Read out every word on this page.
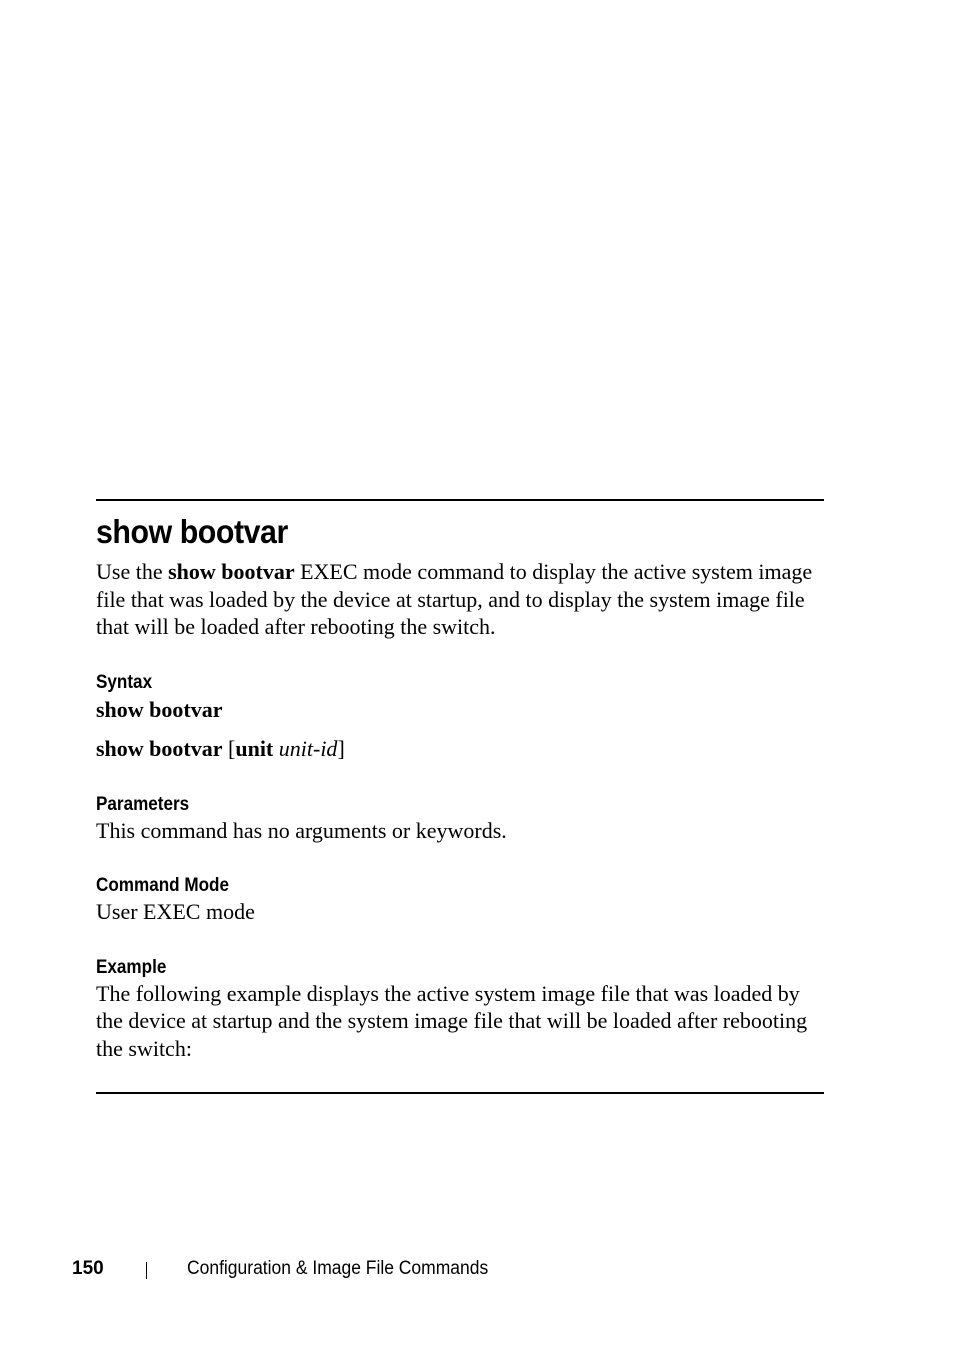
show bootvar

Use the show bootvar EXEC mode command to display the active system image file that was loaded by the device at startup, and to display the system image file that will be loaded after rebooting the switch.

Syntax

show bootvar

show bootvar [unit unit-id]

Parameters

This command has no arguments or keywords.

Command Mode

User EXEC mode

Example

The following example displays the active system image file that was loaded by the device at startup and the system image file that will be loaded after rebooting the switch:

150	Configuration & Image File Commands
